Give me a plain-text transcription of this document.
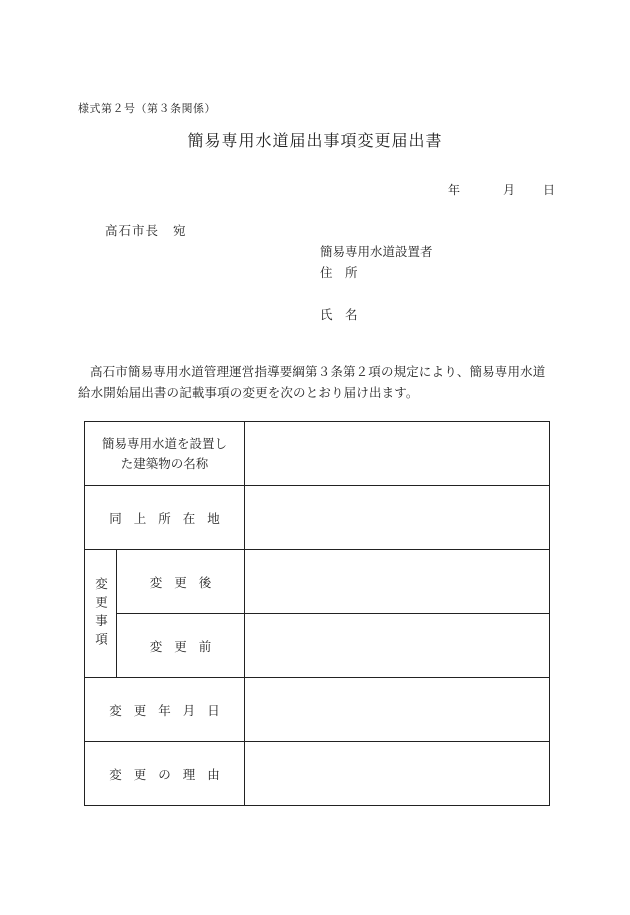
様式第２号（第３条関係）
簡易専用水道届出事項変更届出書
年	月 日
高石市長 宛
簡易専用水道設置者
住　所
氏　名
高石市簡易専用水道管理運営指導要綱第３条第２項の規定により、簡易専用水道給水開始届出書の記載事項の変更を次のとおり届け出ます。
簡易専用水道を設置し
た建築物の名称		

同上所在地		

変更事項	変更後	
	変更前	
変更年月日		
変更の理由		
